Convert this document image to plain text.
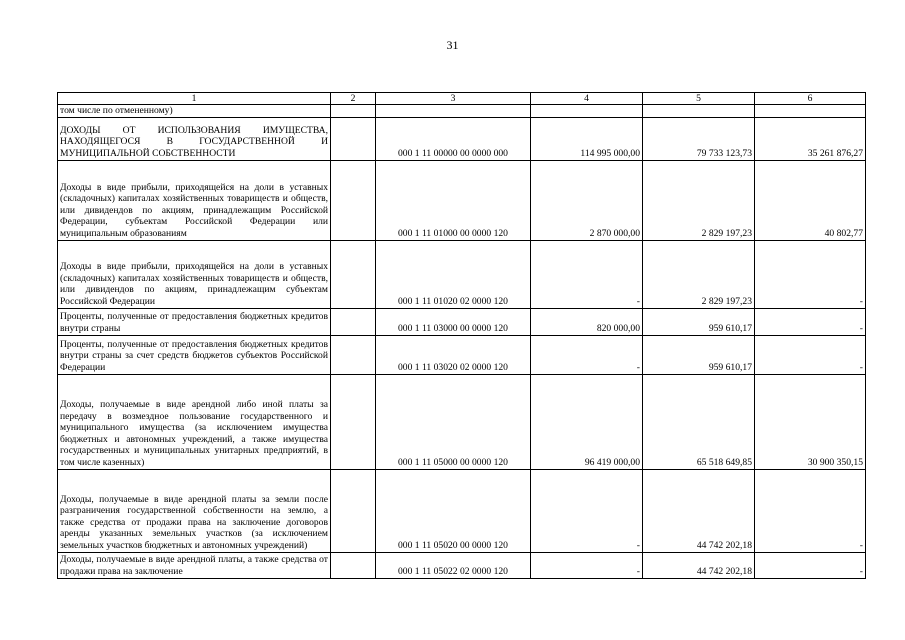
31
1	2	3	4	5	6
том числе по отмененному)					
ДОХОДЫ ОТ ИСПОЛЬЗОВАНИЯ ИМУЩЕСТВА, НАХОДЯЩЕГОСЯ В ГОСУДАРСТВЕННОЙ И МУНИЦИПАЛЬНОЙ СОБСТВЕННОСТИ		000 1 11 00000 00 0000 000	114 995 000,00	79 733 123,73	35 261 876,27
Доходы в виде прибыли, приходящейся на доли в уставных (складочных) капиталах хозяйственных товариществ и обществ, или дивидендов по акциям, принадлежащим Российской Федерации, субъектам Российской Федерации или муниципальным образованиям		000 1 11 01000 00 0000 120	2 870 000,00	2 829 197,23	40 802,77
Доходы в виде прибыли, приходящейся на доли в уставных (складочных) капиталах хозяйственных товариществ и обществ, или дивидендов по акциям, принадлежащим субъектам Российской Федерации		000 1 11 01020 02 0000 120	-	2 829 197,23	-
Проценты, полученные от предоставления бюджетных кредитов внутри страны		000 1 11 03000 00 0000 120	820 000,00	959 610,17	-
Проценты, полученные от предоставления бюджетных кредитов внутри страны за счет средств бюджетов субъектов Российской Федерации		000 1 11 03020 02 0000 120	-	959 610,17	-
Доходы, получаемые в виде арендной либо иной платы за передачу в возмездное пользование государственного и муниципального имущества (за исключением имущества бюджетных и автономных учреждений, а также имущества государственных и муниципальных унитарных предприятий, в том числе казенных)		000 1 11 05000 00 0000 120	96 419 000,00	65 518 649,85	30 900 350,15
Доходы, получаемые в виде арендной платы за земли после разграничения государственной собственности на землю, а также средства от продажи права на заключение договоров аренды указанных земельных участков (за исключением земельных участков бюджетных и автономных учреждений)		000 1 11 05020 00 0000 120	-	44 742 202,18	-
Доходы, получаемые в виде арендной платы, а также средства от продажи права на заключение		000 1 11 05022 02 0000 120	-	44 742 202,18	-
